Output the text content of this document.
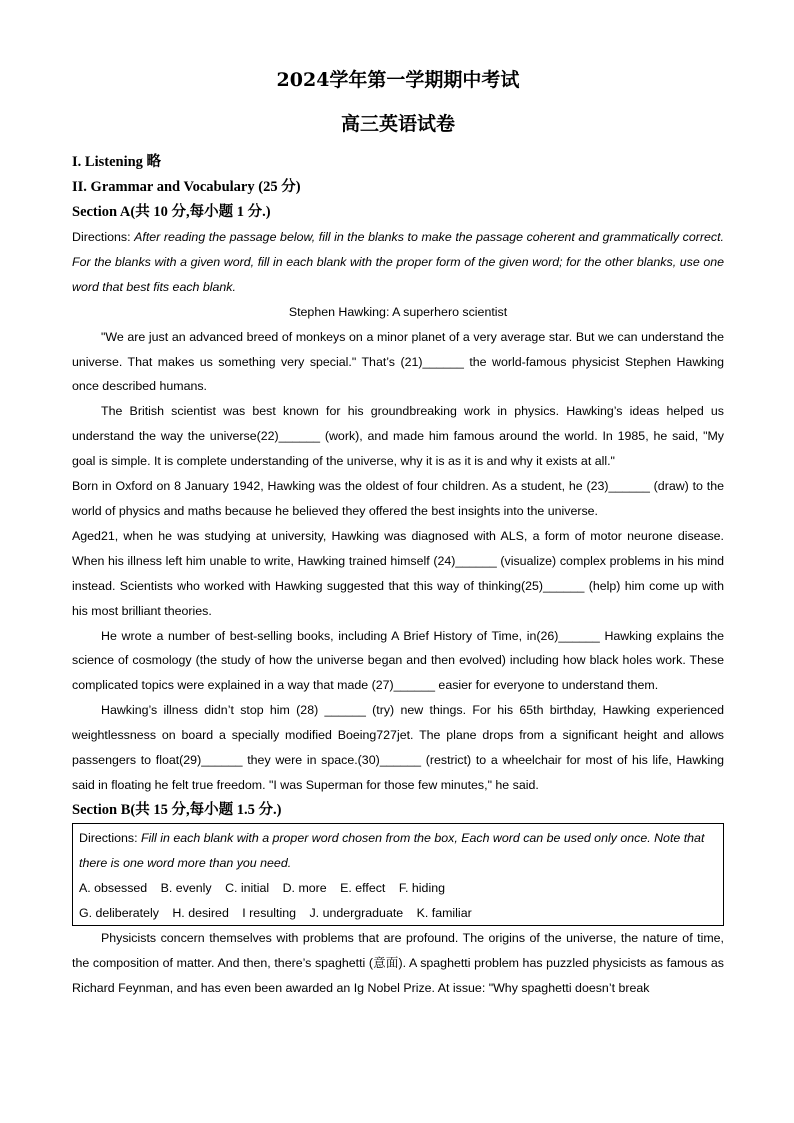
2024学年第一学期期中考试

高三英语试卷

I. Listening 略

II. Grammar and Vocabulary (25 分)

Section A(共 10 分,每小题 1 分.)

Directions: After reading the passage below, fill in the blanks to make the passage coherent and grammatically correct. For the blanks with a given word, fill in each blank with the proper form of the given word; for the other blanks, use one word that best fits each blank.

Stephen Hawking: A superhero scientist

"We are just an advanced breed of monkeys on a minor planet of a very average star. But we can understand the universe. That makes us something very special." That’s (21)______ the world-famous physicist Stephen Hawking once described humans.

The British scientist was best known for his groundbreaking work in physics. Hawking’s ideas helped us understand the way the universe(22)______ (work), and made him famous around the world. In 1985, he said, "My goal is simple. It is complete understanding of the universe, why it is as it is and why it exists at all."

Born in Oxford on 8 January 1942, Hawking was the oldest of four children. As a student, he (23)______ (draw) to the world of physics and maths because he believed they offered the best insights into the universe.

Aged21, when he was studying at university, Hawking was diagnosed with ALS, a form of motor neurone disease. When his illness left him unable to write, Hawking trained himself (24)______ (visualize) complex problems in his mind instead. Scientists who worked with Hawking suggested that this way of thinking(25)______ (help) him come up with his most brilliant theories.

He wrote a number of best-selling books, including A Brief History of Time, in(26)______ Hawking explains the science of cosmology (the study of how the universe began and then evolved) including how black holes work. These complicated topics were explained in a way that made (27)______ easier for everyone to understand them.

Hawking’s illness didn’t stop him (28) ______ (try) new things. For his 65th birthday, Hawking experienced weightlessness on board a specially modified Boeing727jet. The plane drops from a significant height and allows passengers to float(29)______ they were in space.(30)______ (restrict) to a wheelchair for most of his life, Hawking said in floating he felt true freedom. "I was Superman for those few minutes," he said.

Section B(共 15 分,每小题 1.5 分.)

Directions: Fill in each blank with a proper word chosen from the box, Each word can be used only once. Note that there is one word more than you need.

A. obsessed B. evenly C. initial D. more E. effect F. hiding

G. deliberately H. desired I resulting J. undergraduate K. familiar

Physicists concern themselves with problems that are profound. The origins of the universe, the nature of time, the composition of matter. And then, there’s spaghetti (意面). A spaghetti problem has puzzled physicists as famous as Richard Feynman, and has even been awarded an Ig Nobel Prize. At issue: "Why spaghetti doesn’t break
